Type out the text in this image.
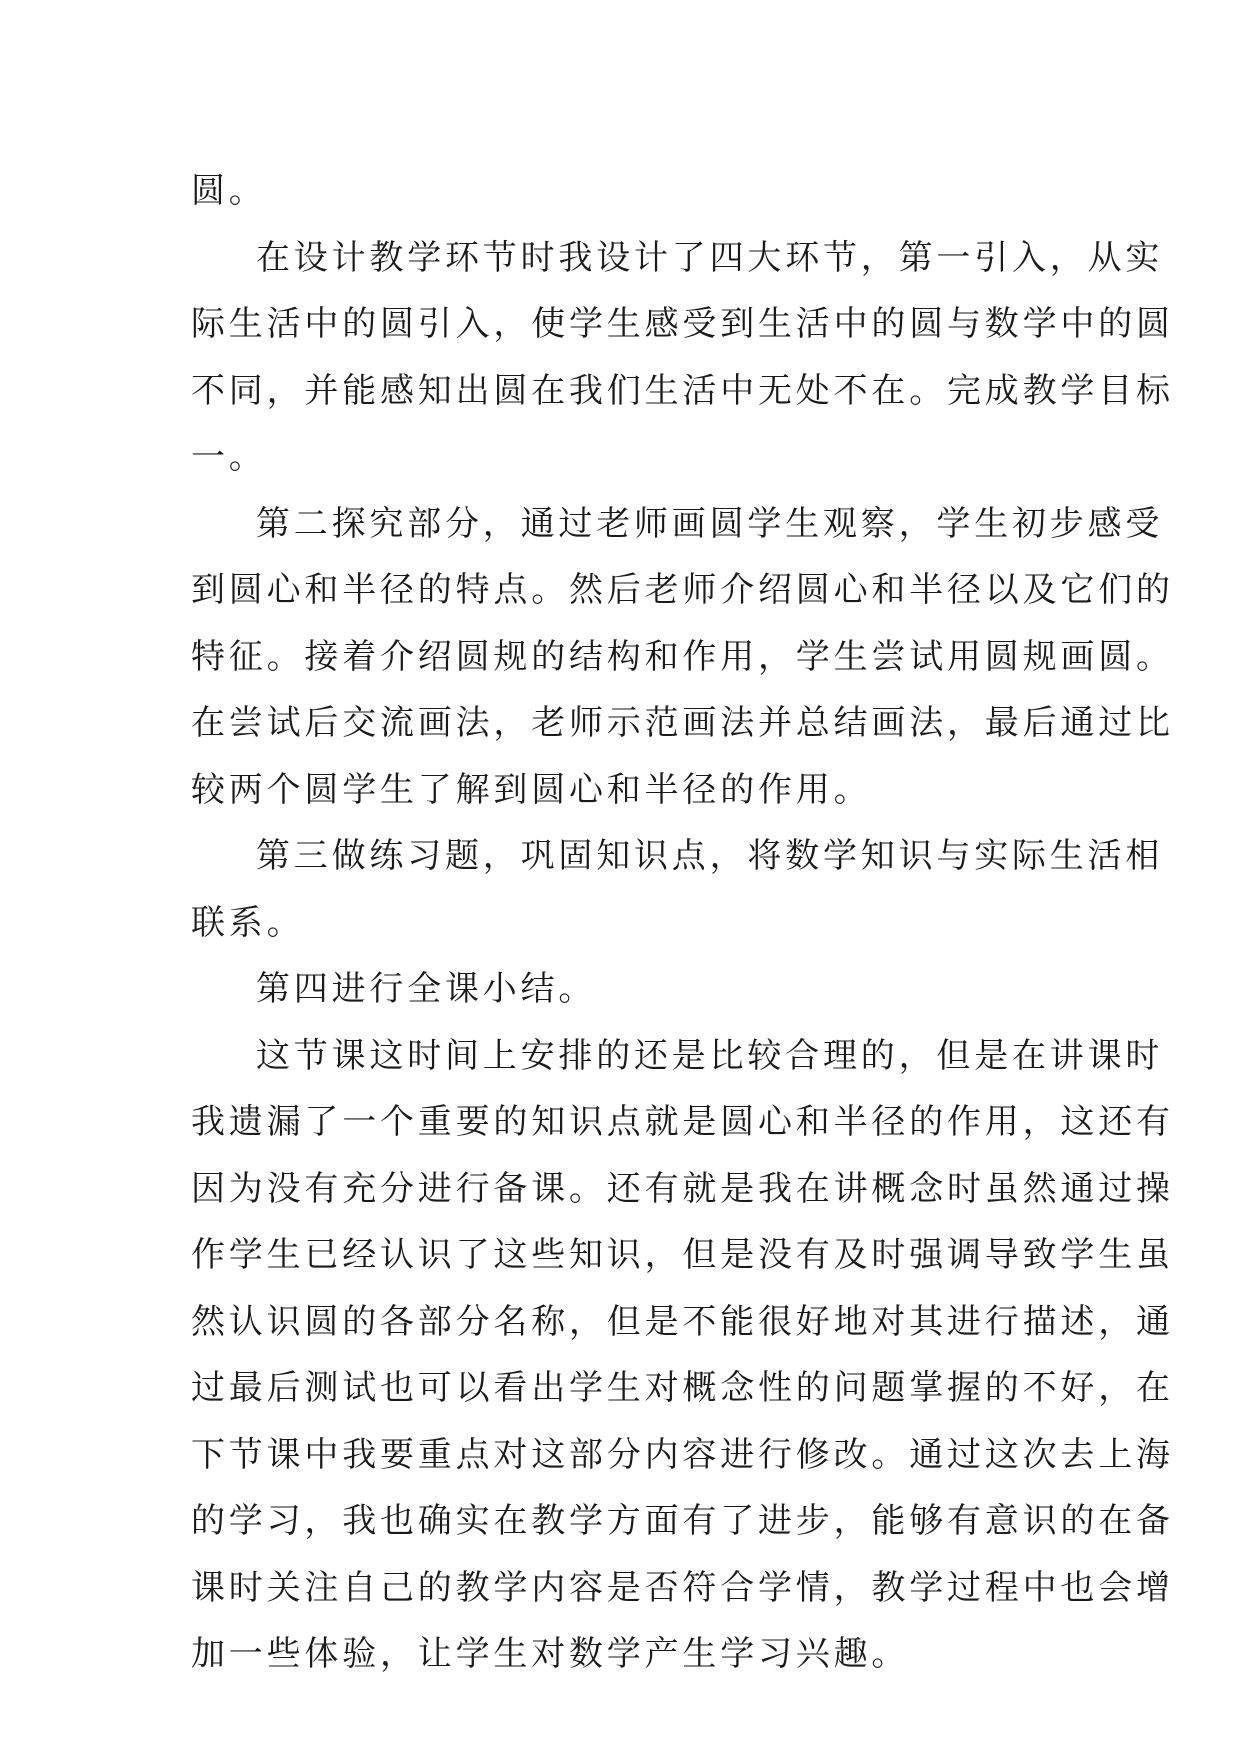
圆。
在设计教学环节时我设计了四大环节，第一引入，从实
际生活中的圆引入，使学生感受到生活中的圆与数学中的圆
不同，并能感知出圆在我们生活中无处不在。完成教学目标
一。
第二探究部分，通过老师画圆学生观察，学生初步感受
到圆心和半径的特点。然后老师介绍圆心和半径以及它们的
特征。接着介绍圆规的结构和作用，学生尝试用圆规画圆。
在尝试后交流画法，老师示范画法并总结画法，最后通过比
较两个圆学生了解到圆心和半径的作用。
第三做练习题，巩固知识点，将数学知识与实际生活相
联系。
第四进行全课小结。
这节课这时间上安排的还是比较合理的，但是在讲课时
我遗漏了一个重要的知识点就是圆心和半径的作用，这还有
因为没有充分进行备课。还有就是我在讲概念时虽然通过操
作学生已经认识了这些知识，但是没有及时强调导致学生虽
然认识圆的各部分名称，但是不能很好地对其进行描述，通
过最后测试也可以看出学生对概念性的问题掌握的不好，在
下节课中我要重点对这部分内容进行修改。通过这次去上海
的学习，我也确实在教学方面有了进步，能够有意识的在备
课时关注自己的教学内容是否符合学情，教学过程中也会增
加一些体验，让学生对数学产生学习兴趣。
